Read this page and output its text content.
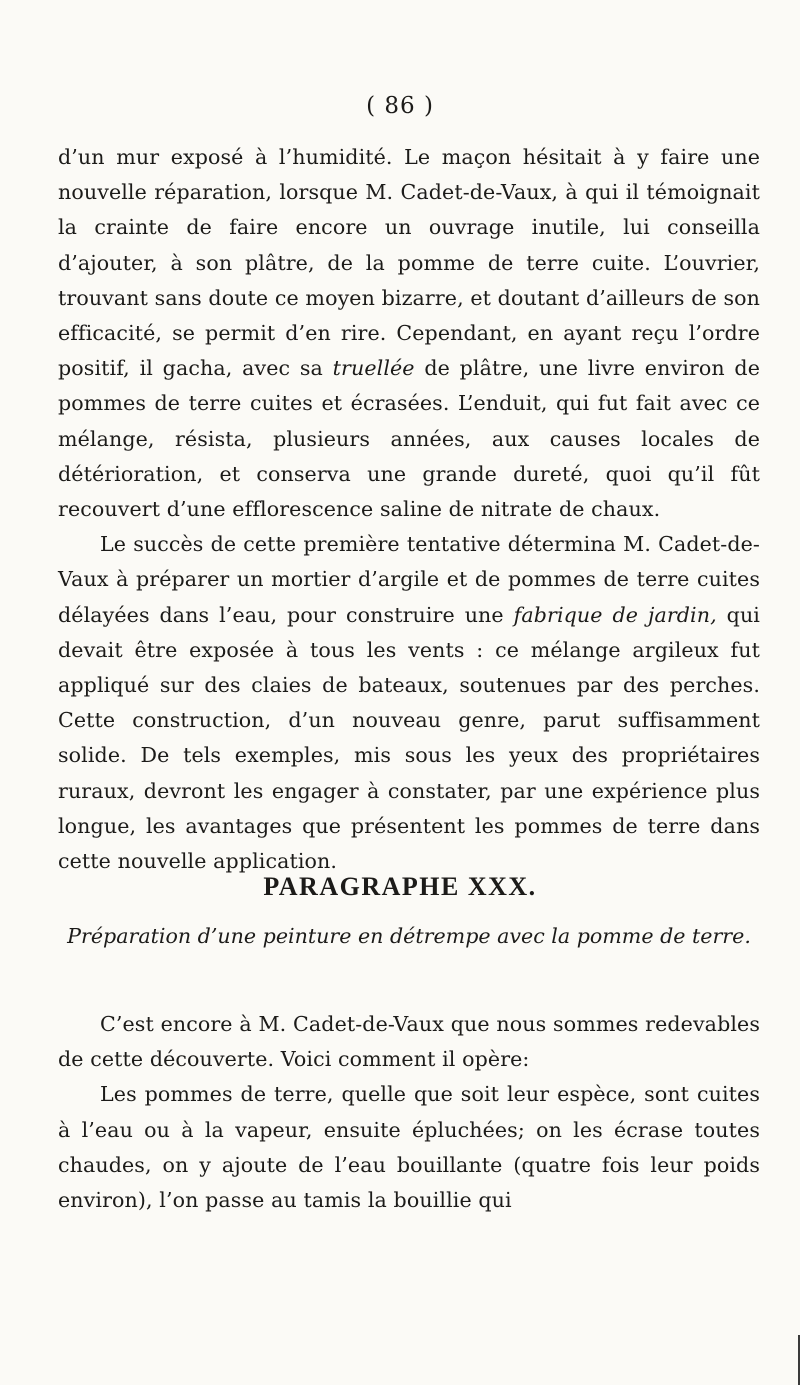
( 86 )

d’un mur exposé à l’humidité. Le maçon hésitait à y faire une nouvelle réparation, lorsque M. Cadet-de-Vaux, à qui il témoignait la crainte de faire encore un ouvrage inutile, lui conseilla d’ajouter, à son plâtre, de la pomme de terre cuite. L’ouvrier, trouvant sans doute ce moyen bizarre, et doutant d’ailleurs de son efficacité, se permit d’en rire. Cependant, en ayant reçu l’ordre positif, il gacha, avec sa truellée de plâtre, une livre environ de pommes de terre cuites et écrasées. L’enduit, qui fut fait avec ce mélange, résista, plusieurs années, aux causes locales de détérioration, et conserva une grande dureté, quoi qu’il fût recouvert d’une efflorescence saline de nitrate de chaux.

Le succès de cette première tentative détermina M. Cadet-de-Vaux à préparer un mortier d’argile et de pommes de terre cuites délayées dans l’eau, pour construire une fabrique de jardin, qui devait être exposée à tous les vents : ce mélange argileux fut appliqué sur des claies de bateaux, soutenues par des perches. Cette construction, d’un nouveau genre, parut suffisamment solide. De tels exemples, mis sous les yeux des propriétaires ruraux, devront les engager à constater, par une expérience plus longue, les avantages que présentent les pommes de terre dans cette nouvelle application.

PARAGRAPHE XXX.

Préparation d’une peinture en détrempe avec la pomme de terre.

C’est encore à M. Cadet-de-Vaux que nous sommes redevables de cette découverte. Voici comment il opère:

Les pommes de terre, quelle que soit leur espèce, sont cuites à l’eau ou à la vapeur, ensuite épluchées; on les écrase toutes chaudes, on y ajoute de l’eau bouillante (quatre fois leur poids environ), l’on passe au tamis la bouillie qui
